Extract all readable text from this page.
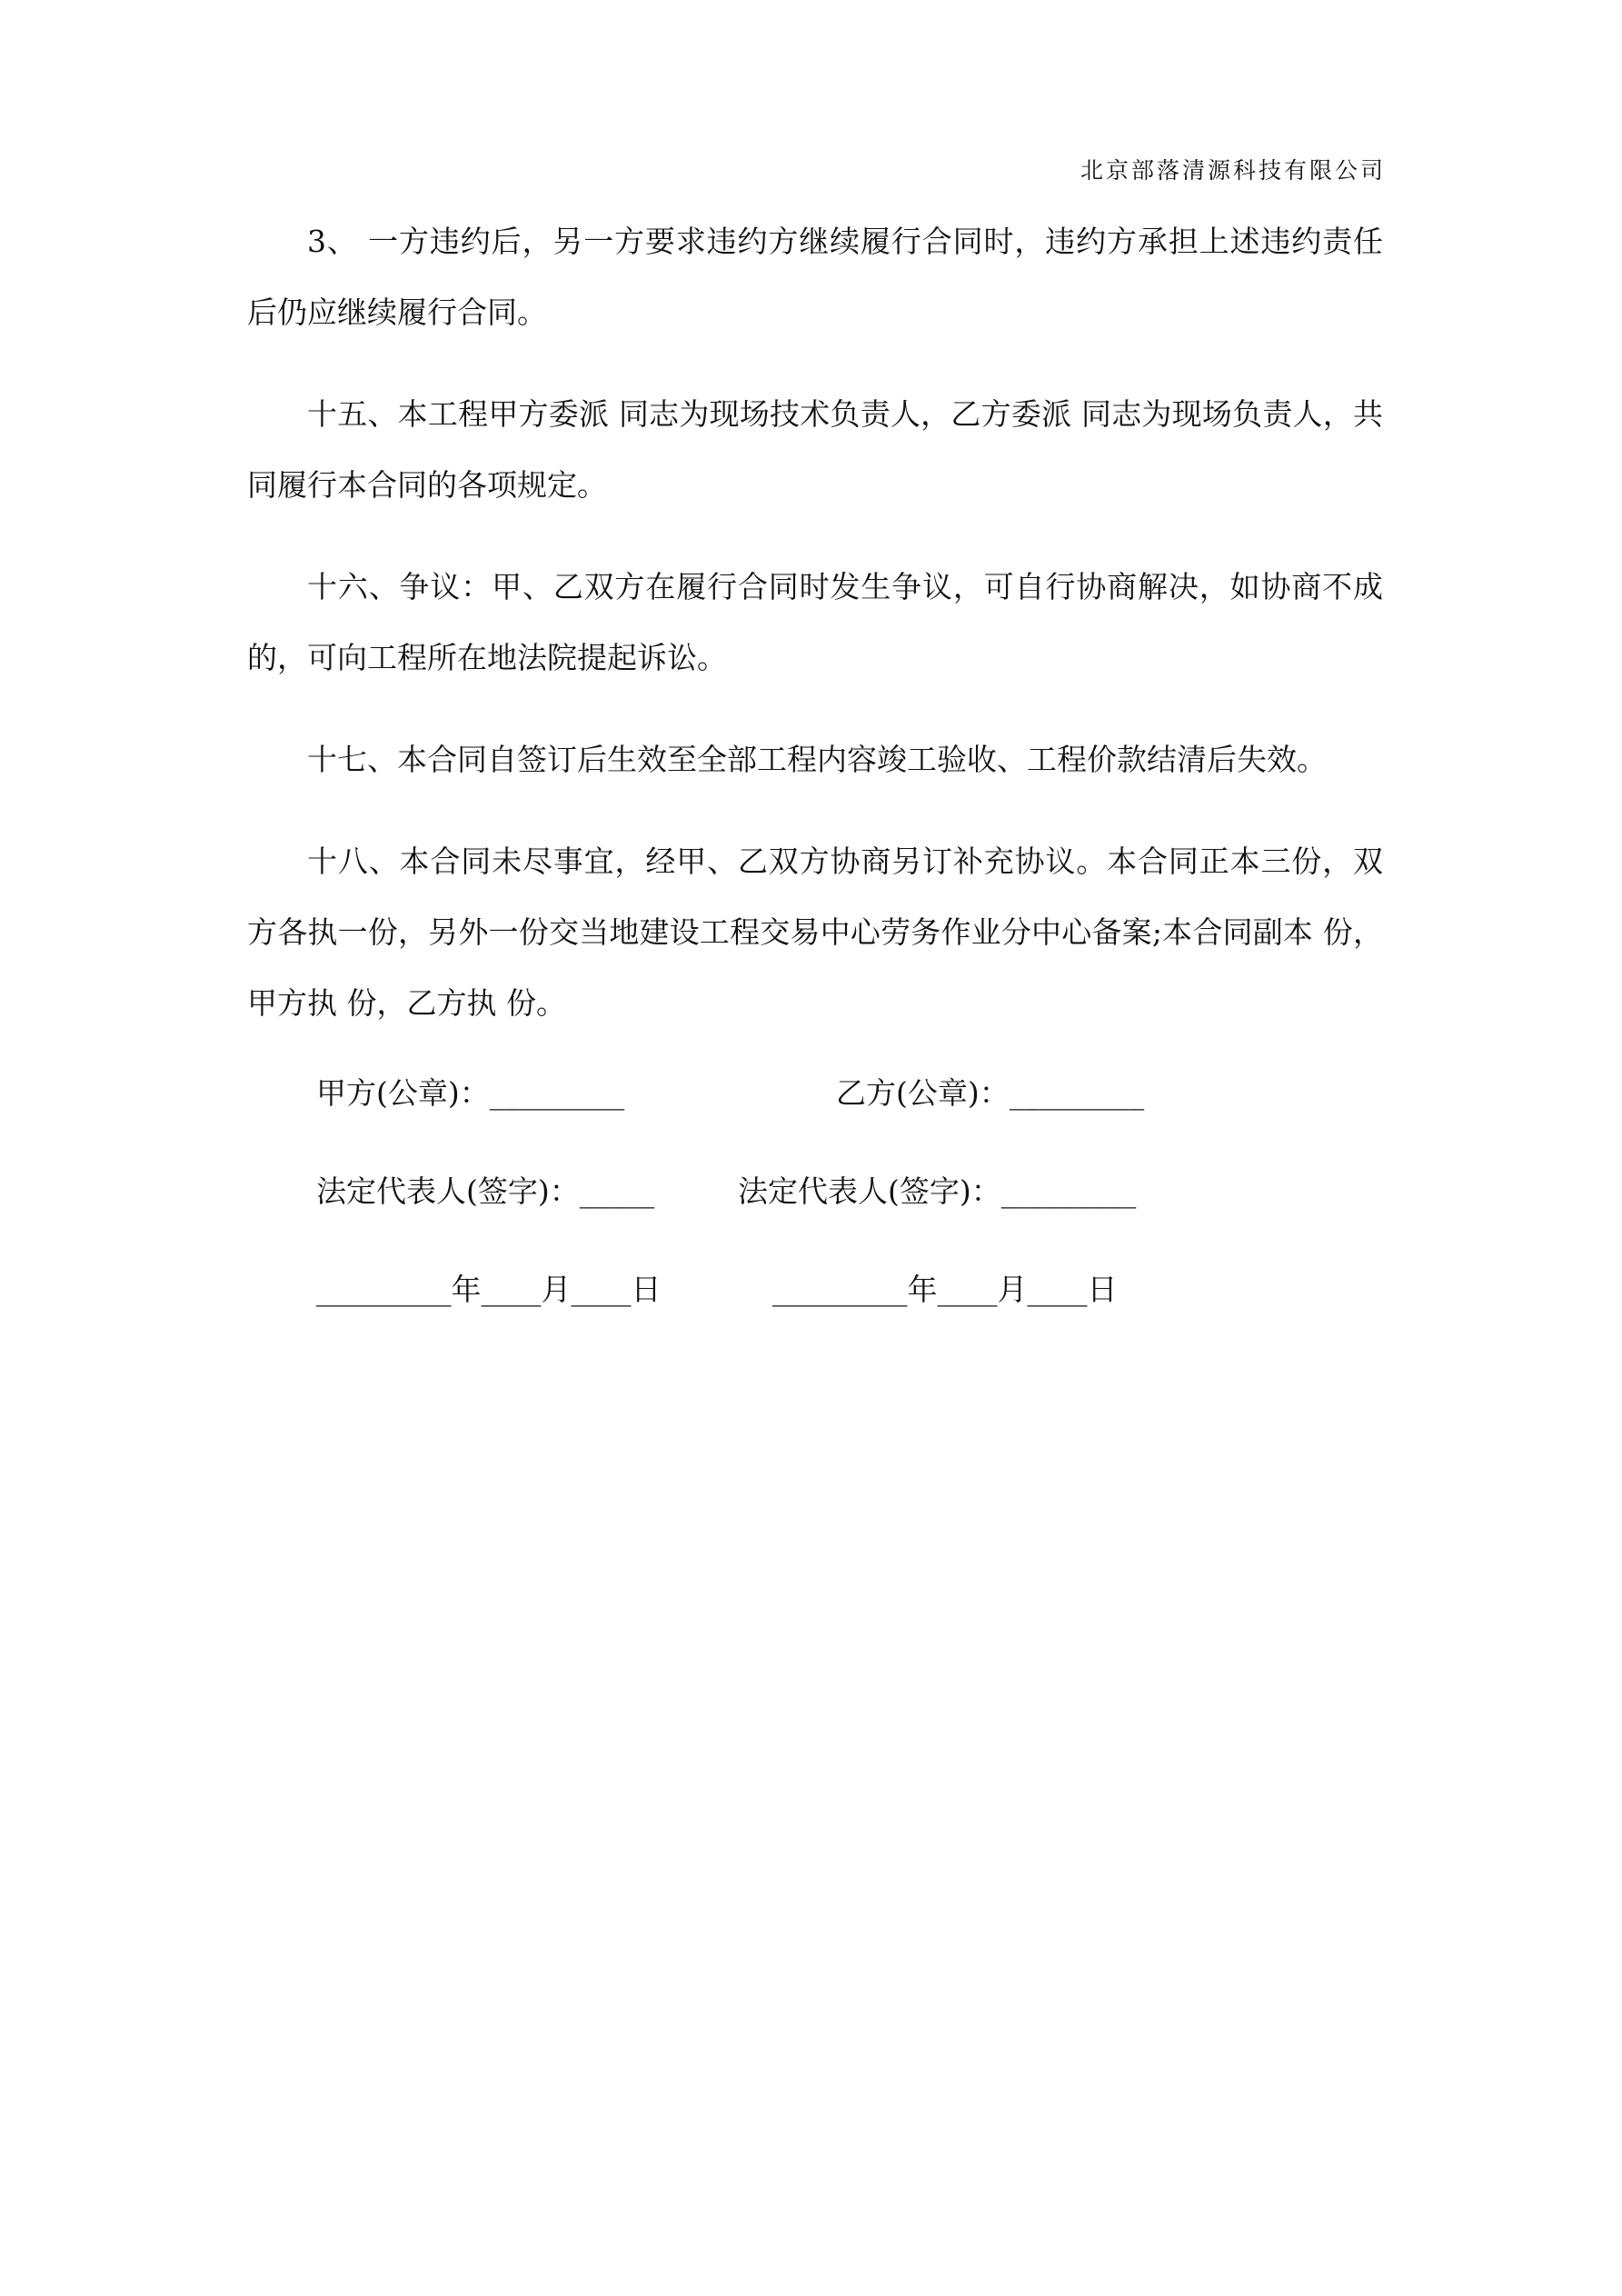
北京部落清源科技有限公司

3、 一方违约后，另一方要求违约方继续履行合同时，违约方承担上述违约责任后仍应继续履行合同。

十五、本工程甲方委派 同志为现场技术负责人，乙方委派 同志为现场负责人，共同履行本合同的各项规定。

十六、争议：甲、乙双方在履行合同时发生争议，可自行协商解决，如协商不成的，可向工程所在地法院提起诉讼。

十七、本合同自签订后生效至全部工程内容竣工验收、工程价款结清后失效。

十八、本合同未尽事宜，经甲、乙双方协商另订补充协议。本合同正本三份，双方各执一份，另外一份交当地建设工程交易中心劳务作业分中心备案;本合同副本 份，甲方执 份，乙方执 份。

甲方(公章)：_________

	乙方(公章)：_________

法定代表人(签字)：_____

	法定代表人(签字)：_________

_________年____月____日

	_________年____月____日
